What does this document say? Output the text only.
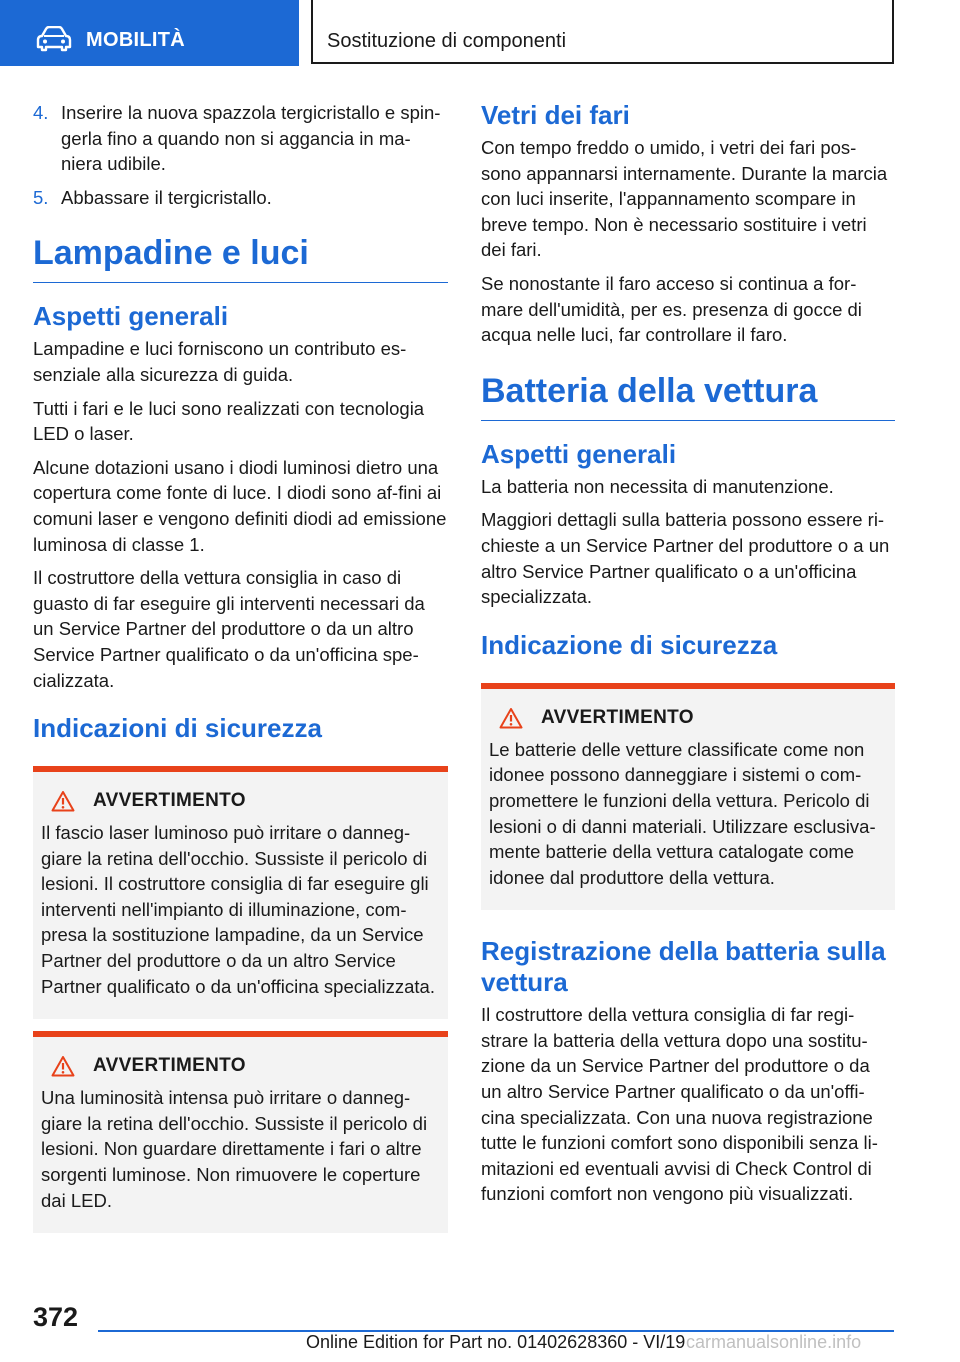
MOBILITÀ	Sostituzione di componenti
4. Inserire la nuova spazzola tergicristallo e spin-gerla fino a quando non si aggancia in ma-niera udibile.
5. Abbassare il tergicristallo.
Lampadine e luci
Aspetti generali

Lampadine e luci forniscono un contributo es-senziale alla sicurezza di guida.

Tutti i fari e le luci sono realizzati con tecnologia LED o laser.

Alcune dotazioni usano i diodi luminosi dietro una copertura come fonte di luce. I diodi sono af-fini ai comuni laser e vengono definiti diodi ad emissione luminosa di classe 1.

Il costruttore della vettura consiglia in caso di guasto di far eseguire gli interventi necessari da un Service Partner del produttore o da un altro Service Partner qualificato o da un'officina spe-cializzata.

Indicazioni di sicurezza
AVVERTIMENTO

Il fascio laser luminoso può irritare o danneg-giare la retina dell'occhio. Sussiste il pericolo di lesioni. Il costruttore consiglia di far eseguire gli interventi nell'impianto di illuminazione, com-presa la sostituzione lampadine, da un Service Partner del produttore o da un altro Service Partner qualificato o da un'officina specializzata.

AVVERTIMENTO

Una luminosità intensa può irritare o danneg-giare la retina dell'occhio. Sussiste il pericolo di lesioni. Non guardare direttamente i fari o altre sorgenti luminose. Non rimuovere le coperture dai LED.

Vetri dei fari

Con tempo freddo o umido, i vetri dei fari pos-sono appannarsi internamente. Durante la marcia con luci inserite, l'appannamento scompare in breve tempo. Non è necessario sostituire i vetri dei fari.

Se nonostante il faro acceso si continua a for-mare dell'umidità, per es. presenza di gocce di acqua nelle luci, far controllare il faro.

Batteria della vettura
Aspetti generali

La batteria non necessita di manutenzione.

Maggiori dettagli sulla batteria possono essere ri-chieste a un Service Partner del produttore o a un altro Service Partner qualificato o a un'officina specializzata.

Indicazione di sicurezza
AVVERTIMENTO

Le batterie delle vetture classificate come non idonee possono danneggiare i sistemi o com-promettere le funzioni della vettura. Pericolo di lesioni o di danni materiali. Utilizzare esclusiva-mente batterie della vettura catalogate come idonee dal produttore della vettura.

Registrazione della batteria sulla vettura

Il costruttore della vettura consiglia di far regi-strare la batteria della vettura dopo una sostitu-zione da un Service Partner del produttore o da un altro Service Partner qualificato o da un'offi-cina specializzata. Con una nuova registrazione tutte le funzioni comfort sono disponibili senza li-mitazioni ed eventuali avvisi di Check Control di funzioni comfort non vengono più visualizzati.

372
Online Edition for Part no. 01402628360 - VI/19 carmanualsonline.info
